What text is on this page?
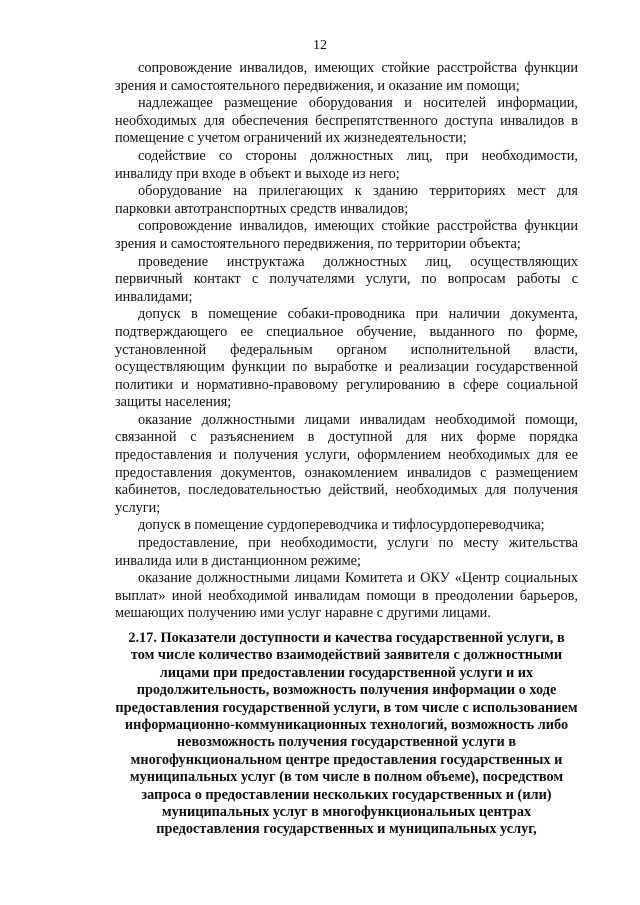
12

сопровождение инвалидов, имеющих стойкие расстройства функции зрения и самостоятельного передвижения, и оказание им помощи;

надлежащее размещение оборудования и носителей информации, необходимых для обеспечения беспрепятственного доступа инвалидов в помещение с учетом ограничений их жизнедеятельности;

содействие со стороны должностных лиц, при необходимости, инвалиду при входе в объект и выходе из него;

оборудование на прилегающих к зданию территориях мест для парковки автотранспортных средств инвалидов;

сопровождение инвалидов, имеющих стойкие расстройства функции зрения и самостоятельного передвижения, по территории объекта;

проведение инструктажа должностных лиц, осуществляющих первичный контакт с получателями услуги, по вопросам работы с инвалидами;

допуск в помещение собаки-проводника при наличии документа, подтверждающего ее специальное обучение, выданного по форме, установленной федеральным органом исполнительной власти, осуществляющим функции по выработке и реализации государственной политики и нормативно-правовому регулированию в сфере социальной защиты населения;

оказание должностными лицами инвалидам необходимой помощи, связанной с разъяснением в доступной для них форме порядка предоставления и получения услуги, оформлением необходимых для ее предоставления документов, ознакомлением инвалидов с размещением кабинетов, последовательностью действий, необходимых для получения услуги;

допуск в помещение сурдопереводчика и тифлосурдопереводчика;

предоставление, при необходимости, услуги по месту жительства инвалида или в дистанционном режиме;

оказание должностными лицами Комитета и ОКУ «Центр социальных выплат» иной необходимой инвалидам помощи в преодолении барьеров, мешающих получению ими услуг наравне с другими лицами.

2.17. Показатели доступности и качества государственной услуги, в том числе количество взаимодействий заявителя с должностными лицами при предоставлении государственной услуги и их продолжительность, возможность получения информации о ходе предоставления государственной услуги, в том числе с использованием информационно-коммуникационных технологий, возможность либо невозможность получения государственной услуги в многофункциональном центре предоставления государственных и муниципальных услуг (в том числе в полном объеме), посредством запроса о предоставлении нескольких государственных и (или) муниципальных услуг в многофункциональных центрах предоставления государственных и муниципальных услуг,
